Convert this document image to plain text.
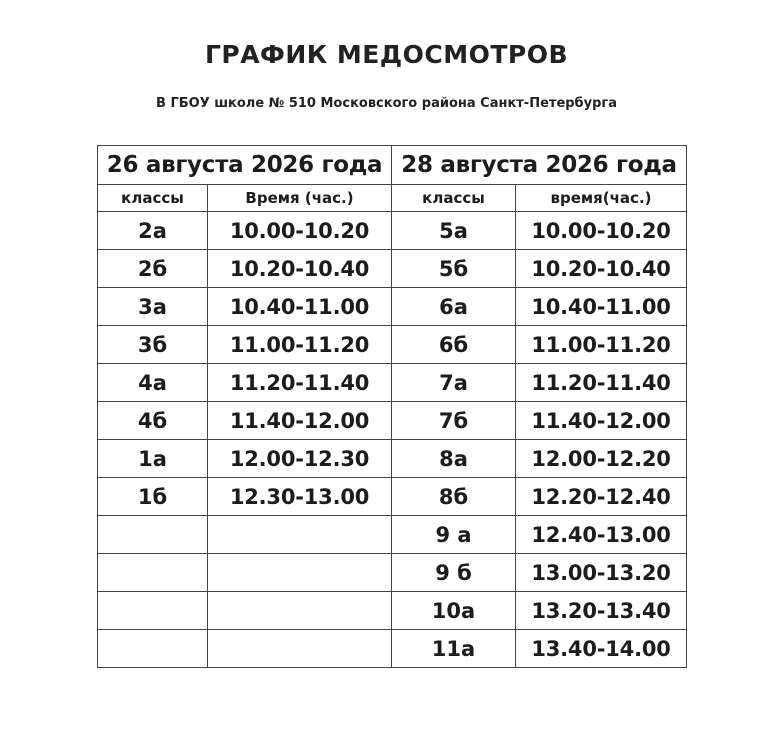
ГРАФИК МЕДОСМОТРОВ
В ГБОУ школе № 510 Московского района Санкт-Петербурга
26 августа 2026 года		28 августа 2026 года	
классы	Время (час.)	классы	время(час.)
2а	10.00-10.20	5а	10.00-10.20
2б	10.20-10.40	5б	10.20-10.40
3а	10.40-11.00	6а	10.40-11.00
3б	11.00-11.20	6б	11.00-11.20
4а	11.20-11.40	7а	11.20-11.40
4б	11.40-12.00	7б	11.40-12.00
1а	12.00-12.30	8а	12.00-12.20
1б	12.30-13.00	8б	12.20-12.40
		9 а	12.40-13.00
		9 б	13.00-13.20
		10а	13.20-13.40
		11а	13.40-14.00
